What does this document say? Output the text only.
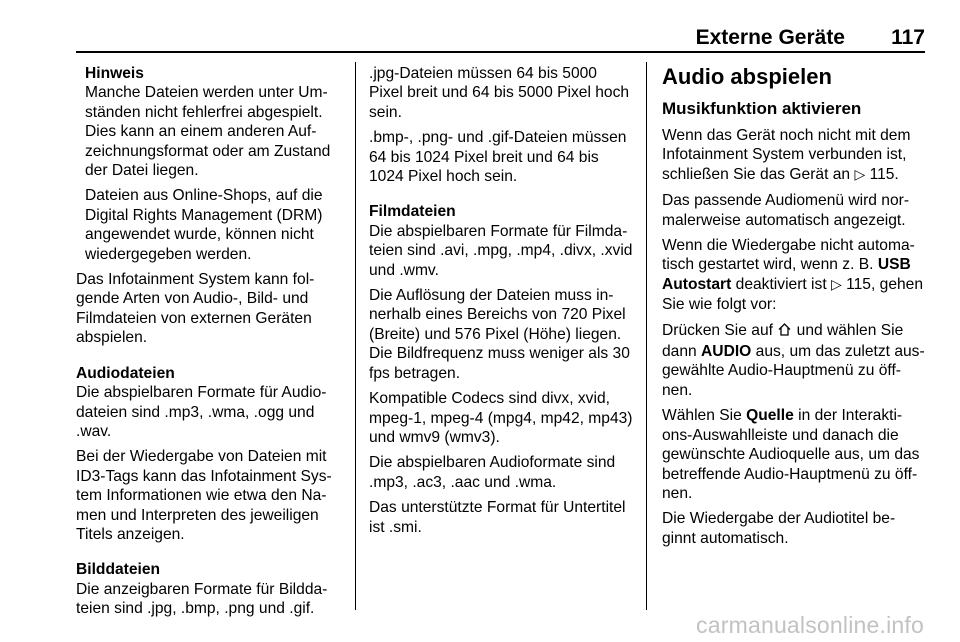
Externe Geräte 117

Hinweis

Manche Dateien werden unter Um-ständen nicht fehlerfrei abgespielt. Dies kann an einem anderen Auf-zeichnungsformat oder am Zustand der Datei liegen.

Dateien aus Online-Shops, auf die Digital Rights Management (DRM) angewendet wurde, können nicht wiedergegeben werden.

Das Infotainment System kann fol-gende Arten von Audio-, Bild- und Filmdateien von externen Geräten abspielen.

Audiodateien

Die abspielbaren Formate für Audio-dateien sind .mp3, .wma, .ogg und .wav.

Bei der Wiedergabe von Dateien mit ID3-Tags kann das Infotainment Sys-tem Informationen wie etwa den Na-men und Interpreten des jeweiligen Titels anzeigen.

Bilddateien

Die anzeigbaren Formate für Bildda-teien sind .jpg, .bmp, .png und .gif.

.jpg-Dateien müssen 64 bis 5000 Pixel breit und 64 bis 5000 Pixel hoch sein.

.bmp-, .png- und .gif-Dateien müssen 64 bis 1024 Pixel breit und 64 bis 1024 Pixel hoch sein.

Filmdateien

Die abspielbaren Formate für Filmda-teien sind .avi, .mpg, .mp4, .divx, .xvid und .wmv.

Die Auflösung der Dateien muss in-nerhalb eines Bereichs von 720 Pixel (Breite) und 576 Pixel (Höhe) liegen. Die Bildfrequenz muss weniger als 30 fps betragen.

Kompatible Codecs sind divx, xvid, mpeg-1, mpeg-4 (mpg4, mp42, mp43) und wmv9 (wmv3).

Die abspielbaren Audioformate sind .mp3, .ac3, .aac und .wma.

Das unterstützte Format für Untertitel ist .smi.

Audio abspielen
Musikfunktion aktivieren

Wenn das Gerät noch nicht mit dem Infotainment System verbunden ist, schließen Sie das Gerät an ▷ 115.

Das passende Audiomenü wird nor-malerweise automatisch angezeigt.

Wenn die Wiedergabe nicht automa-tisch gestartet wird, wenn z. B. USB Autostart deaktiviert ist ▷ 115, gehen Sie wie folgt vor:

Drücken Sie auf und wählen Sie dann AUDIO aus, um das zuletzt aus-gewählte Audio-Hauptmenü zu öff-nen.

Wählen Sie Quelle in der Interakti-ons-Auswahlleiste und danach die gewünschte Audioquelle aus, um das betreffende Audio-Hauptmenü zu öff-nen.

Die Wiedergabe der Audiotitel be-ginnt automatisch.

carmanualsonline.info
